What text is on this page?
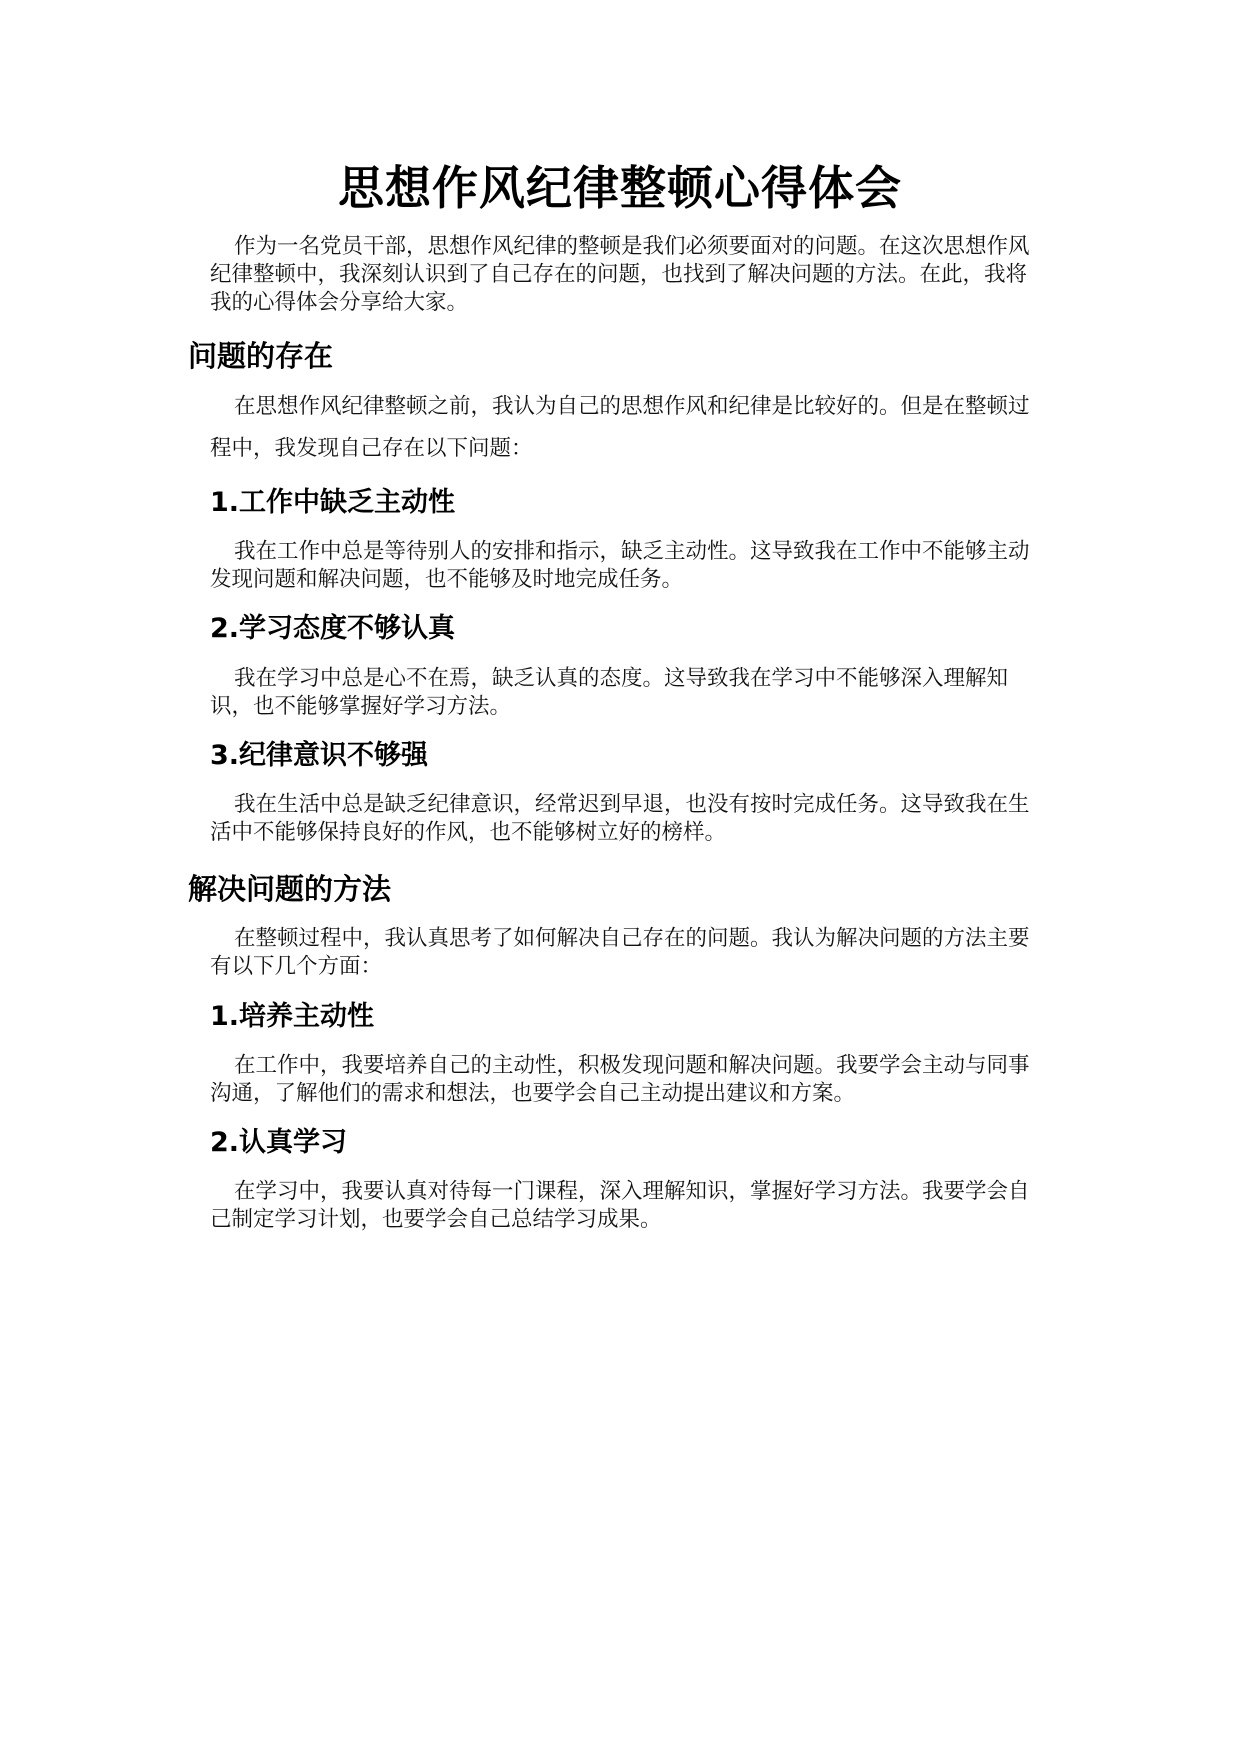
思想作风纪律整顿心得体会

作为一名党员干部，思想作风纪律的整顿是我们必须要面对的问题。在这次思想作风纪律整顿中，我深刻认识到了自己存在的问题，也找到了解决问题的方法。在此，我将我的心得体会分享给大家。

问题的存在

在思想作风纪律整顿之前，我认为自己的思想作风和纪律是比较好的。但是在整顿过程中，我发现自己存在以下问题：

1.工作中缺乏主动性

我在工作中总是等待别人的安排和指示，缺乏主动性。这导致我在工作中不能够主动发现问题和解决问题，也不能够及时地完成任务。

2.学习态度不够认真

我在学习中总是心不在焉，缺乏认真的态度。这导致我在学习中不能够深入理解知识，也不能够掌握好学习方法。

3.纪律意识不够强

我在生活中总是缺乏纪律意识，经常迟到早退，也没有按时完成任务。这导致我在生活中不能够保持良好的作风，也不能够树立好的榜样。

解决问题的方法

在整顿过程中，我认真思考了如何解决自己存在的问题。我认为解决问题的方法主要有以下几个方面：

1.培养主动性

在工作中，我要培养自己的主动性，积极发现问题和解决问题。我要学会主动与同事沟通，了解他们的需求和想法，也要学会自己主动提出建议和方案。

2.认真学习

在学习中，我要认真对待每一门课程，深入理解知识，掌握好学习方法。我要学会自己制定学习计划，也要学会自己总结学习成果。
